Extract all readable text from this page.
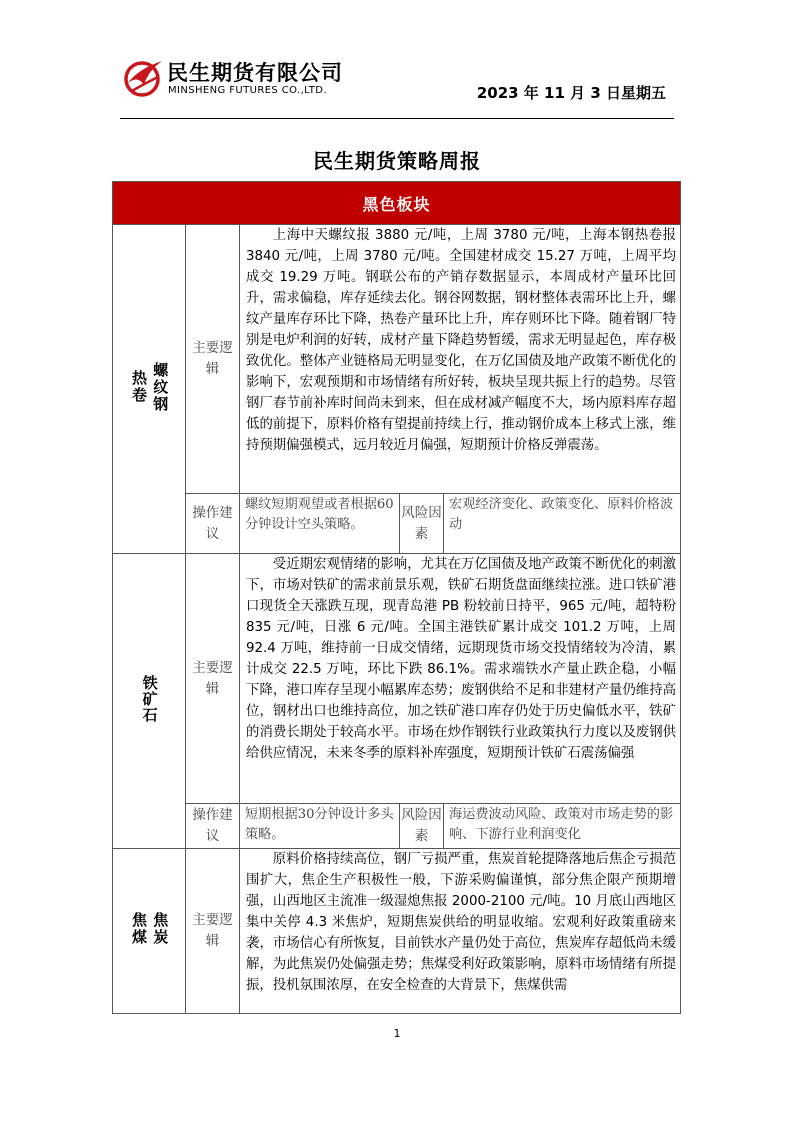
民生期货有限公司
MINSHENG FUTURES CO.,LTD.	2023 年 11 月 3 日星期五
民生期货策略周报
黑色板块				

螺纹钢
热卷	主要逻辑	上海中天螺纹报 3880 元/吨，上周 3780 元/吨，上海本钢热卷报 3840 元/吨，上周 3780 元/吨。全国建材成交 15.27 万吨，上周平均成交 19.29 万吨。钢联公布的产销存数据显示，本周成材产量环比回升，需求偏稳，库存延续去化。钢谷网数据，钢材整体表需环比上升，螺纹产量库存环比下降，热卷产量环比上升，库存则环比下降。随着钢厂特别是电炉利润的好转，成材产量下降趋势暂缓，需求无明显起色，库存极致优化。整体产业链格局无明显变化，在万亿国债及地产政策不断优化的影响下，宏观预期和市场情绪有所好转，板块呈现共振上行的趋势。尽管钢厂春节前补库时间尚未到来，但在成材减产幅度不大，场内原料库存超低的前提下，原料价格有望提前持续上行，推动钢价成本上移式上涨，维持预期偏强模式，远月较近月偏强，短期预计价格反弹震荡。		
	操作建议	螺纹短期观望或者根据60分钟设计空头策略。	风险因素	宏观经济变化、政策变化、原料价格波动
铁矿石	主要逻辑	受近期宏观情绪的影响，尤其在万亿国债及地产政策不断优化的刺激下，市场对铁矿的需求前景乐观，铁矿石期货盘面继续拉涨。进口铁矿港口现货全天涨跌互现，现青岛港 PB 粉较前日持平，965 元/吨，超特粉 835 元/吨，日涨 6 元/吨。全国主港铁矿累计成交 101.2 万吨，上周 92.4 万吨，维持前一日成交情绪，远期现货市场交投情绪较为冷清，累计成交 22.5 万吨，环比下跌 86.1%。需求端铁水产量止跌企稳，小幅下降，港口库存呈现小幅累库态势；废钢供给不足和非建材产量仍维持高位，钢材出口也维持高位，加之铁矿港口库存仍处于历史偏低水平，铁矿的消费长期处于较高水平。市场在炒作钢铁行业政策执行力度以及废钢供给供应情况，未来冬季的原料补库强度，短期预计铁矿石震荡偏强		
	操作建议	短期根据30分钟设计多头策略。	风险因素	海运费波动风险、政策对市场走势的影响、下游行业利润变化

焦炭
焦煤	主要逻辑	原料价格持续高位，钢厂亏损严重，焦炭首轮提降落地后焦企亏损范围扩大，焦企生产积极性一般，下游采购偏谨慎，部分焦企限产预期增强，山西地区主流准一级湿熄焦报 2000-2100 元/吨。10 月底山西地区集中关停 4.3 米焦炉，短期焦炭供给的明显收缩。宏观利好政策重磅来袭，市场信心有所恢复，目前铁水产量仍处于高位，焦炭库存超低尚未缓解，为此焦炭仍处偏强走势；焦煤受利好政策影响，原料市场情绪有所提振，投机氛围浓厚，在安全检查的大背景下，焦煤供需		
1
